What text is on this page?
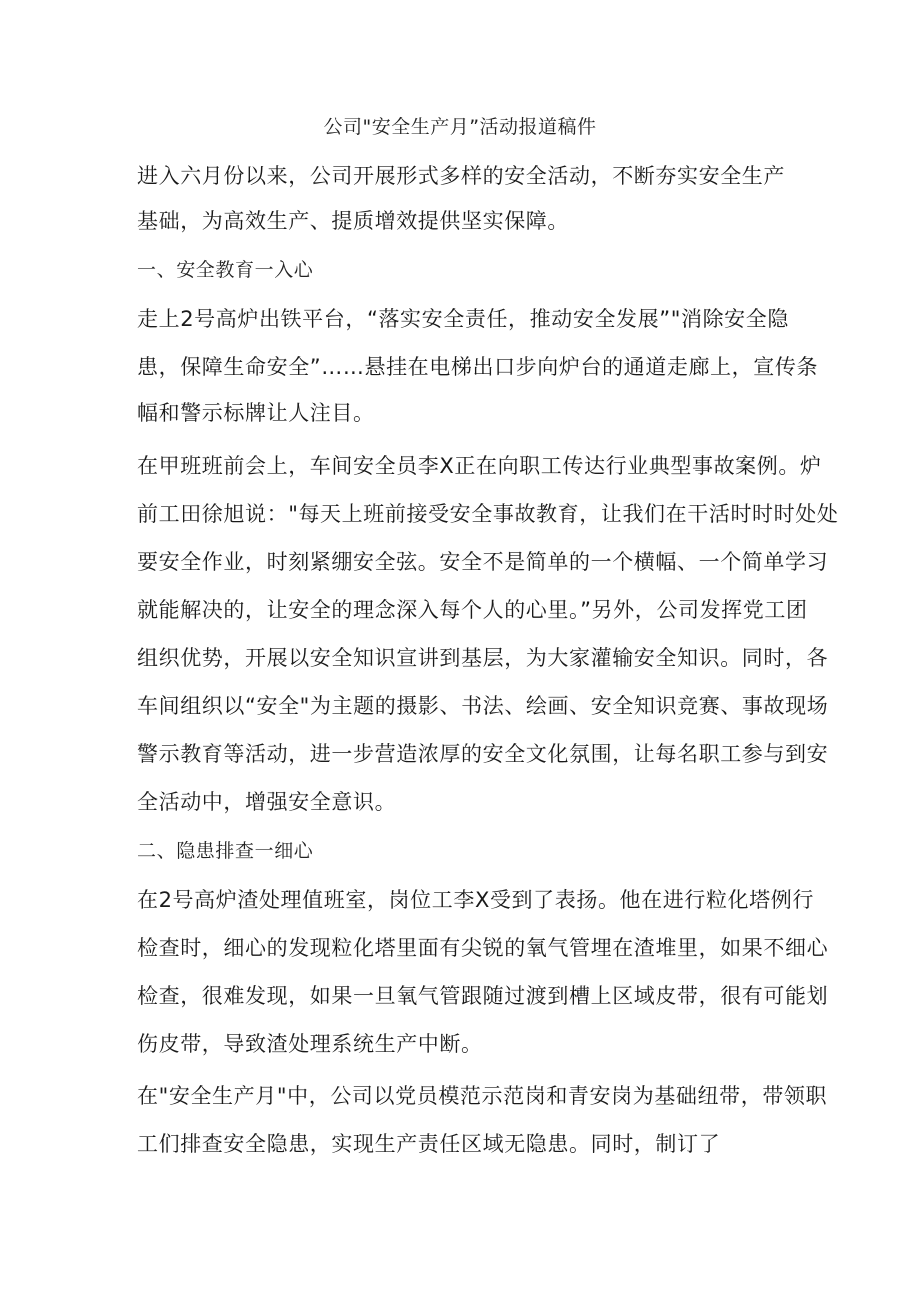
公司"安全生产月”活动报道稿件
进入六月份以来，公司开展形式多样的安全活动，不断夯实安全生产
基础，为高效生产、提质增效提供坚实保障。
一、安全教育一入心
走上2号高炉出铁平台，“落实安全责任，推动安全发展”"消除安全隐
患，保障生命安全”……悬挂在电梯出口步向炉台的通道走廊上，宣传条
幅和警示标牌让人注目。
在甲班班前会上，车间安全员李X正在向职工传达行业典型事故案例。炉
前工田徐旭说："每天上班前接受安全事故教育，让我们在干活时时时处处
要安全作业，时刻紧绷安全弦。安全不是简单的一个横幅、一个简单学习
就能解决的，让安全的理念深入每个人的心里。”另外，公司发挥党工团
组织优势，开展以安全知识宣讲到基层，为大家灌输安全知识。同时，各
车间组织以“安全"为主题的摄影、书法、绘画、安全知识竞赛、事故现场
警示教育等活动，进一步营造浓厚的安全文化氛围，让每名职工参与到安
全活动中，增强安全意识。
二、隐患排查一细心
在2号高炉渣处理值班室，岗位工李X受到了表扬。他在进行粒化塔例行
检查时，细心的发现粒化塔里面有尖锐的氧气管埋在渣堆里，如果不细心
检查，很难发现，如果一旦氧气管跟随过渡到槽上区域皮带，很有可能划
伤皮带，导致渣处理系统生产中断。
在"安全生产月"中，公司以党员模范示范岗和青安岗为基础纽带，带领职
工们排查安全隐患，实现生产责任区域无隐患。同时，制订了
